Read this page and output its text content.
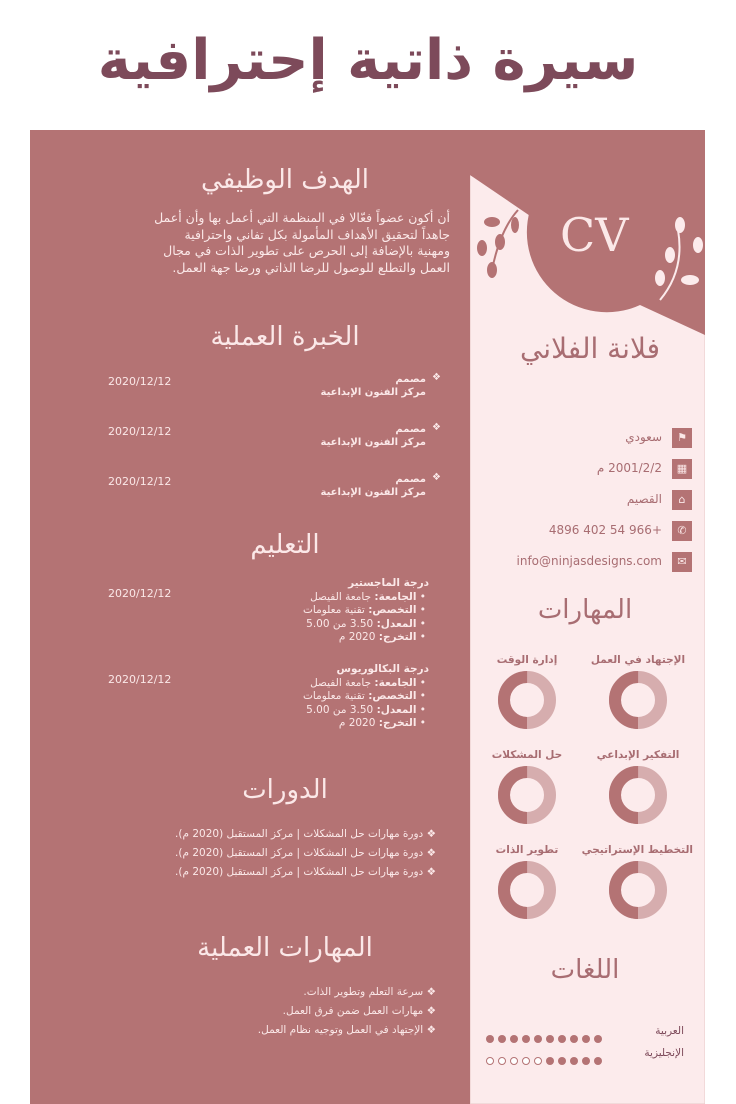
سيرة ذاتية إحترافية
CV
فلانة الفلاني
⚑
سعودي
▦
2001/2/2 م
⌂
القصيم
✆
+966 54 402 4896
✉
info@ninjasdesigns.com
المهارات
الإجتهاد في العمل
إدارة الوقت
التفكير الإبداعي
حل المشكلات
التخطيط الإستراتيجي
تطوير الذات
اللغات
العربية
الإنجليزية
الهدف الوظيفي
أن أكون عضواً فعّالا في المنظمة التي أعمل بها وأن أعمل جاهداً لتحقيق الأهداف المأمولة بكل تفاني واحترافية ومهنية بالإضافة إلى الحرص على تطوير الذات في مجال العمل والتطلع للوصول للرضا الذاتي ورضا جهة العمل.
الخبرة العملية
2020/12/12	❖
مصمم
مركز الفنون الإبداعية
2020/12/12	❖
مصمم
مركز الفنون الإبداعية
2020/12/12	❖
مصمم
مركز الفنون الإبداعية
التعليم
2020/12/12
درجة الماجستير
• الجامعة: جامعة الفيصل
• التخصص: تقنية معلومات
• المعدل: 3.50 من 5.00
• التخرج: 2020 م
2020/12/12
درجة البكالوريوس
• الجامعة: جامعة الفيصل
• التخصص: تقنية معلومات
• المعدل: 3.50 من 5.00
• التخرج: 2020 م
الدورات
❖ دورة مهارات حل المشكلات | مركز المستقبل (2020 م).
❖ دورة مهارات حل المشكلات | مركز المستقبل (2020 م).
❖ دورة مهارات حل المشكلات | مركز المستقبل (2020 م).
المهارات العملية
❖ سرعة التعلم وتطوير الذات.
❖ مهارات العمل ضمن فرق العمل.
❖ الإجتهاد في العمل وتوجيه نظام العمل.
